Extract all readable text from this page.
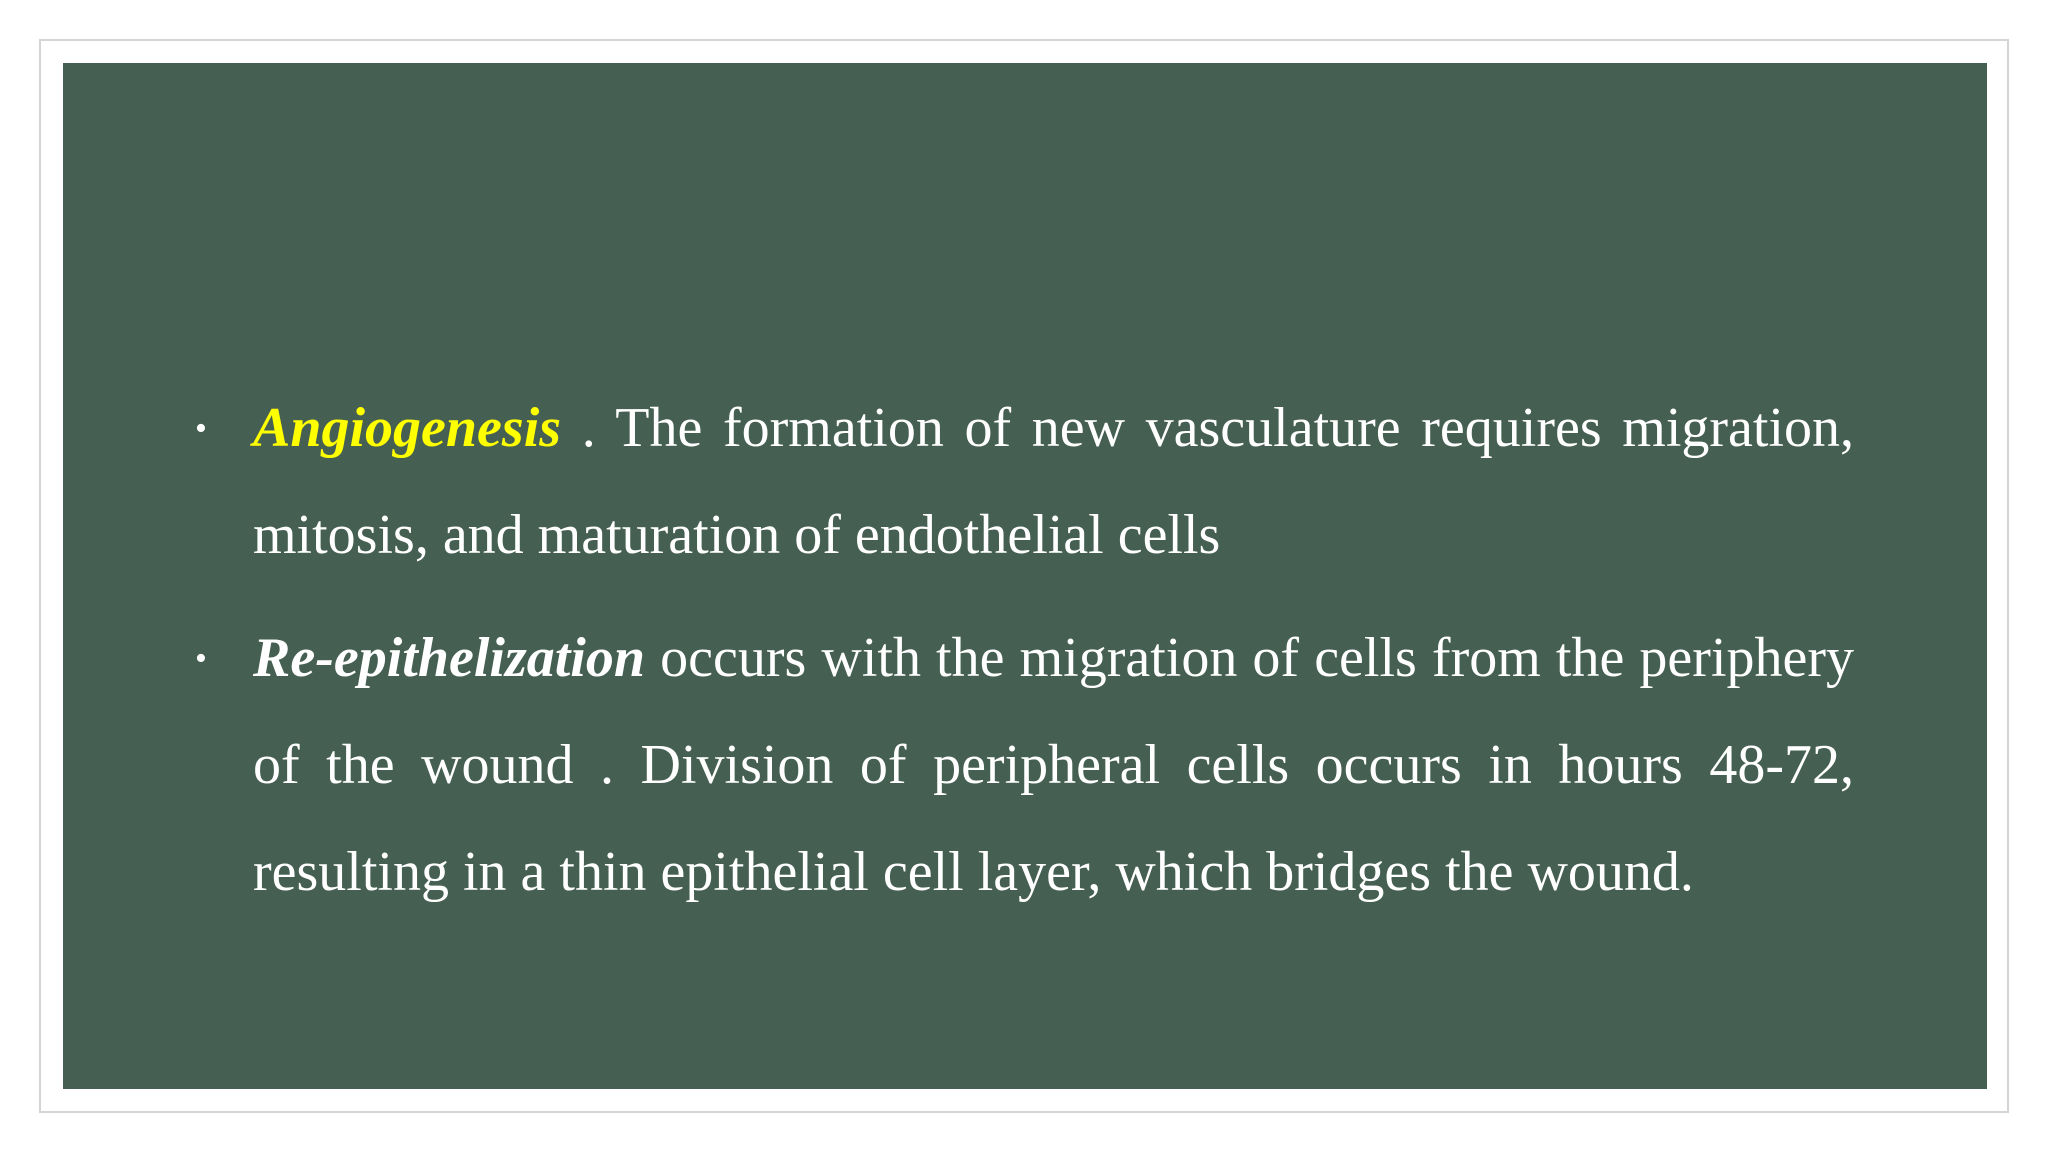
• Angiogenesis . The formation of new vasculature requires migration, mitosis, and maturation of endothelial cells
• Re-epithelization occurs with the migration of cells from the periphery of the wound . Division of peripheral cells occurs in hours 48-72, resulting in a thin epithelial cell layer, which bridges the wound.
